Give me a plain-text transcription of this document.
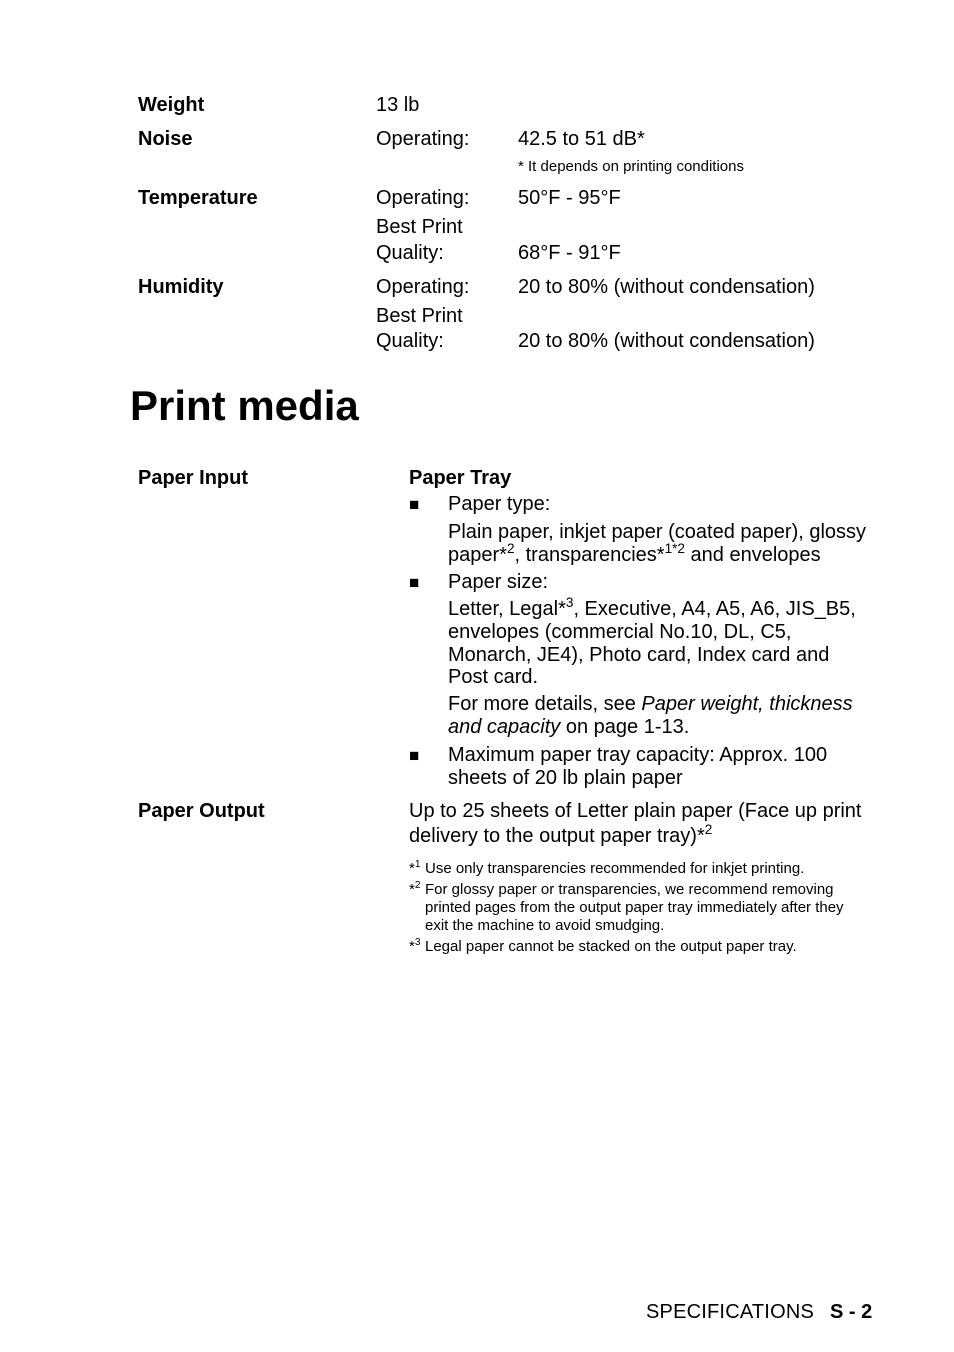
Weight	13 lb
Noise	Operating: 42.5 to 51 dB*
* It depends on printing conditions
Temperature	Operating: 50°F - 95°F
Best Print
Quality:	68°F - 91°F
Humidity	Operating: 20 to 80% (without condensation)
Best Print
Quality:	20 to 80% (without condensation)
Print media
Paper Input	Paper Tray
■ Paper type:
Plain paper, inkjet paper (coated paper), glossy
paper*$^2$, transparencies*$^{1*2}$ and envelopes
■ Paper size:
Letter, Legal*$^3$, Executive, A4, A5, A6, JIS_B5,
envelopes (commercial No.10, DL, C5,
Monarch, JE4), Photo card, Index card and
Post card.
For more details, see Paper weight, thickness
and capacity on page 1-13.
■ Maximum paper tray capacity: Approx. 100
sheets of 20 lb plain paper
Paper Output	Up to 25 sheets of Letter plain paper (Face up print
delivery to the output paper tray)*$^2$
*$^1$ Use only transparencies recommended for inkjet printing.
*$^2$ For glossy paper or transparencies, we recommend removing
printed pages from the output paper tray immediately after they
exit the machine to avoid smudging.
*$^3$ Legal paper cannot be stacked on the output paper tray.
SPECIFICATIONS S - 2
